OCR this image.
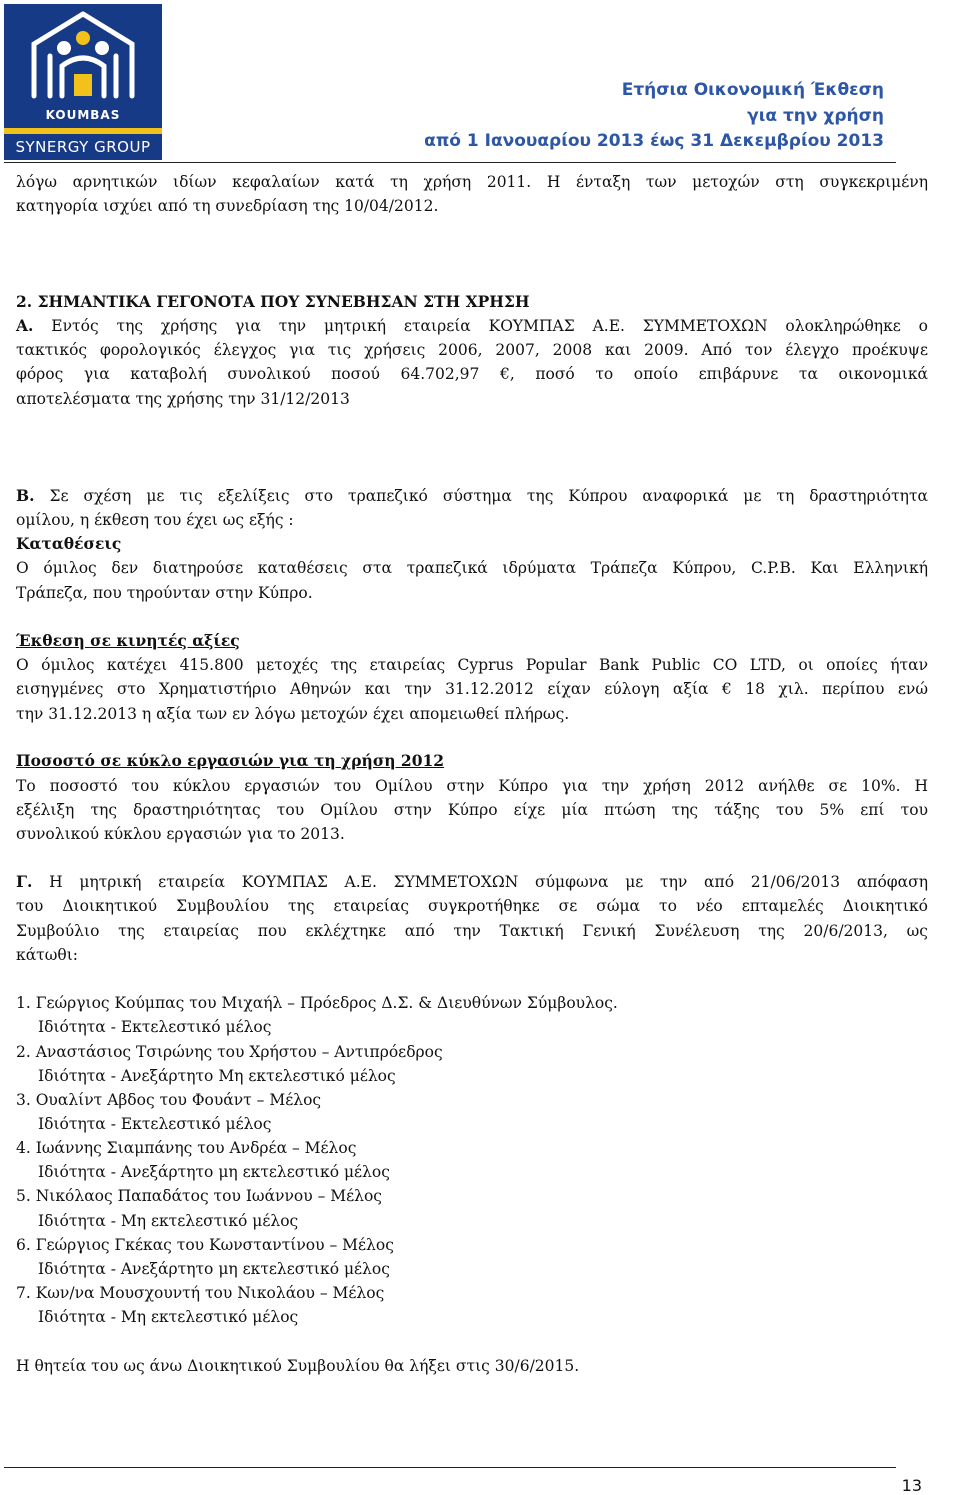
KOUMBAS
SYNERGY GROUP
Ετήσια Οικονομική Έκθεση
για την χρήση
από 1 Ιανουαρίου 2013 έως 31 Δεκεμβρίου 2013
λόγω αρνητικών ιδίων κεφαλαίων κατά τη χρήση 2011. Η ένταξη των μετοχών στη συγκεκριμένη
κατηγορία ισχύει από τη συνεδρίαση της 10/04/2012.
2. ΣΗΜΑΝΤΙΚΑ ΓΕΓΟΝΟΤΑ ΠΟΥ ΣΥΝΕΒΗΣΑΝ ΣΤΗ ΧΡΗΣΗ
Α. Εντός της χρήσης για την μητρική εταιρεία ΚΟΥΜΠΑΣ Α.Ε. ΣΥΜΜΕΤΟΧΩΝ ολοκληρώθηκε ο
τακτικός φορολογικός έλεγχος για τις χρήσεις 2006, 2007, 2008 και 2009. Από τον έλεγχο προέκυψε
φόρος για καταβολή συνολικού ποσού 64.702,97 €, ποσό το οποίο επιβάρυνε τα οικονομικά
αποτελέσματα της χρήσης την 31/12/2013
Β. Σε σχέση με τις εξελίξεις στο τραπεζικό σύστημα της Κύπρου αναφορικά με τη δραστηριότητα
ομίλου, η έκθεση του έχει ως εξής :
Καταθέσεις
Ο όμιλος δεν διατηρούσε καταθέσεις στα τραπεζικά ιδρύματα Τράπεζα Κύπρου, C.P.B. Και Ελληνική
Τράπεζα, που τηρούνταν στην Κύπρο.
Έκθεση σε κινητές αξίες
Ο όμιλος κατέχει 415.800 μετοχές της εταιρείας Cyprus Popular Bank Public CO LTD, οι οποίες ήταν
εισηγμένες στο Χρηματιστήριο Αθηνών και την 31.12.2012 είχαν εύλογη αξία € 18 χιλ. περίπου ενώ
την 31.12.2013 η αξία των εν λόγω μετοχών έχει απομειωθεί πλήρως.
Ποσοστό σε κύκλο εργασιών για τη χρήση 2012
Το ποσοστό του κύκλου εργασιών του Ομίλου στην Κύπρο για την χρήση 2012 ανήλθε σε 10%. Η
εξέλιξη της δραστηριότητας του Ομίλου στην Κύπρο είχε μία πτώση της τάξης του 5% επί του
συνολικού κύκλου εργασιών για το 2013.
Γ. Η μητρική εταιρεία ΚΟΥΜΠΑΣ Α.Ε. ΣΥΜΜΕΤΟΧΩΝ σύμφωνα με την από 21/06/2013 απόφαση
του Διοικητικού Συμβουλίου της εταιρείας συγκροτήθηκε σε σώμα το νέο επταμελές Διοικητικό
Συμβούλιο της εταιρείας που εκλέχτηκε από την Τακτική Γενική Συνέλευση της 20/6/2013, ως
κάτωθι:
1. Γεώργιος Κούμπας του Μιχαήλ – Πρόεδρος Δ.Σ. & Διευθύνων Σύμβουλος.
Ιδιότητα - Εκτελεστικό μέλος
2. Αναστάσιος Τσιρώνης του Χρήστου – Αντιπρόεδρος
Ιδιότητα - Ανεξάρτητο Μη εκτελεστικό μέλος
3. Ουαλίντ Αβδος του Φουάντ – Μέλος
Ιδιότητα - Εκτελεστικό μέλος
4. Ιωάννης Σιαμπάνης του Ανδρέα – Μέλος
Ιδιότητα - Ανεξάρτητο μη εκτελεστικό μέλος
5. Νικόλαος Παπαδάτος του Ιωάννου – Μέλος
Ιδιότητα - Μη εκτελεστικό μέλος
6. Γεώργιος Γκέκας του Κωνσταντίνου – Μέλος
Ιδιότητα - Ανεξάρτητο μη εκτελεστικό μέλος
7. Κων/να Μουσχουντή του Νικολάου – Μέλος
Ιδιότητα - Μη εκτελεστικό μέλος
Η θητεία του ως άνω Διοικητικού Συμβουλίου θα λήξει στις 30/6/2015.
13
